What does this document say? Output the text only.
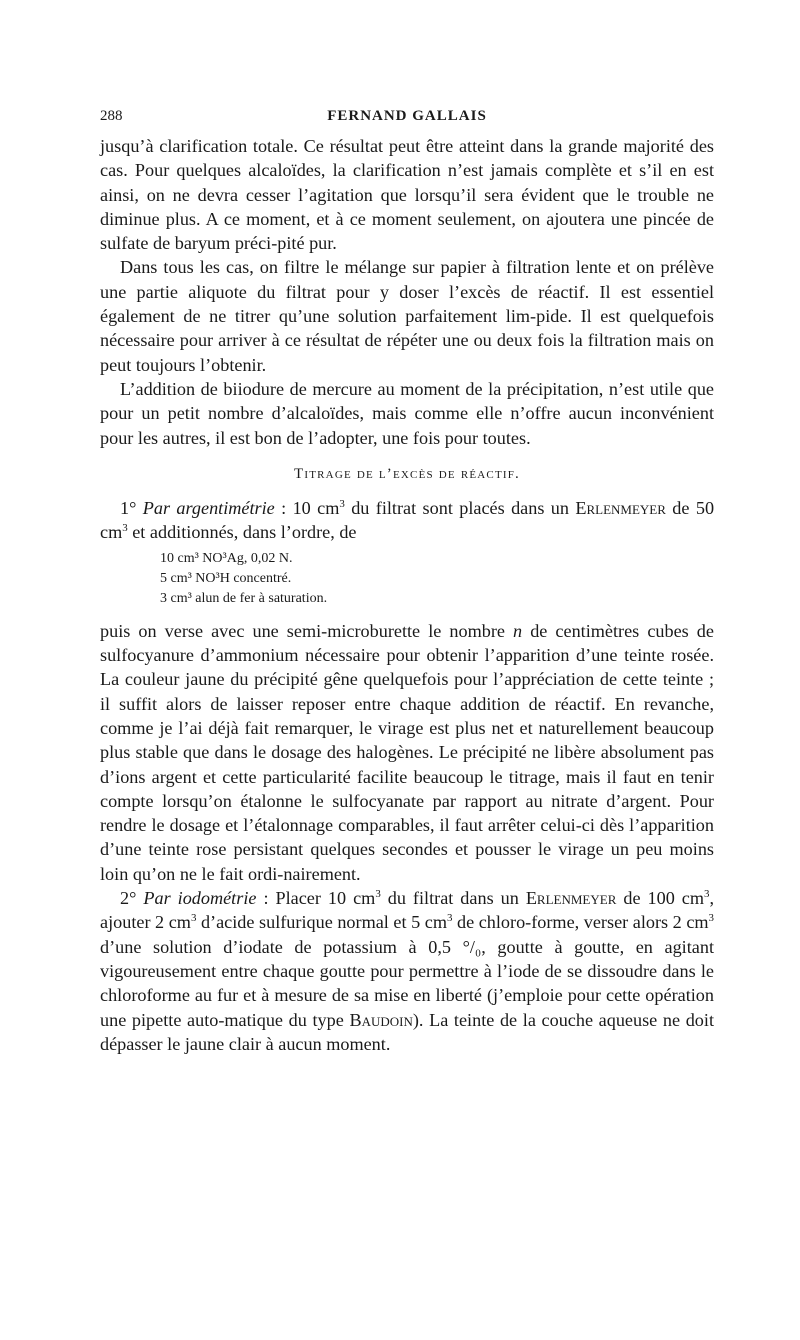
288	FERNAND GALLAIS

jusqu’à clarification totale. Ce résultat peut être atteint dans la grande majorité des cas. Pour quelques alcaloïdes, la clarification n’est jamais complète et s’il en est ainsi, on ne devra cesser l’agitation que lorsqu’il sera évident que le trouble ne diminue plus. A ce moment, et à ce moment seulement, on ajoutera une pincée de sulfate de baryum préci-pité pur.

Dans tous les cas, on filtre le mélange sur papier à filtration lente et on prélève une partie aliquote du filtrat pour y doser l’excès de réactif. Il est essentiel également de ne titrer qu’une solution parfaitement lim-pide. Il est quelquefois nécessaire pour arriver à ce résultat de répéter une ou deux fois la filtration mais on peut toujours l’obtenir.

L’addition de biiodure de mercure au moment de la précipitation, n’est utile que pour un petit nombre d’alcaloïdes, mais comme elle n’offre aucun inconvénient pour les autres, il est bon de l’adopter, une fois pour toutes.

Titrage de l’excès de réactif.

1° Par argentimétrie : 10 $cm^3$ du filtrat sont placés dans un Erlenmeyer de 50 $cm^3$ et additionnés, dans l’ordre, de

10 cm³ NO³Ag, 0,02 N.
5 cm³ NO³H concentré.
3 cm³ alun de fer à saturation.

puis on verse avec une semi-microburette le nombre n de centimètres cubes de sulfocyanure d’ammonium nécessaire pour obtenir l’apparition d’une teinte rosée. La couleur jaune du précipité gêne quelquefois pour l’appréciation de cette teinte ; il suffit alors de laisser reposer entre chaque addition de réactif. En revanche, comme je l’ai déjà fait remarquer, le virage est plus net et naturellement beaucoup plus stable que dans le dosage des halogènes. Le précipité ne libère absolument pas d’ions argent et cette particularité facilite beaucoup le titrage, mais il faut en tenir compte lorsqu’on étalonne le sulfocyanate par rapport au nitrate d’argent. Pour rendre le dosage et l’étalonnage comparables, il faut arrêter celui-ci dès l’apparition d’une teinte rose persistant quelques secondes et pousser le virage un peu moins loin qu’on ne le fait ordi-nairement.

2° Par iodométrie : Placer 10 $cm^3$ du filtrat dans un Erlenmeyer de 100 $cm^3$, ajouter 2 $cm^3$ d’acide sulfurique normal et 5 $cm^3$ de chloro-forme, verser alors 2 $cm^3$ d’une solution d’iodate de potassium à 0,5 °/₀, goutte à goutte, en agitant vigoureusement entre chaque goutte pour permettre à l’iode de se dissoudre dans le chloroforme au fur et à mesure de sa mise en liberté (j’emploie pour cette opération une pipette auto-matique du type Baudoin). La teinte de la couche aqueuse ne doit dépasser le jaune clair à aucun moment.
